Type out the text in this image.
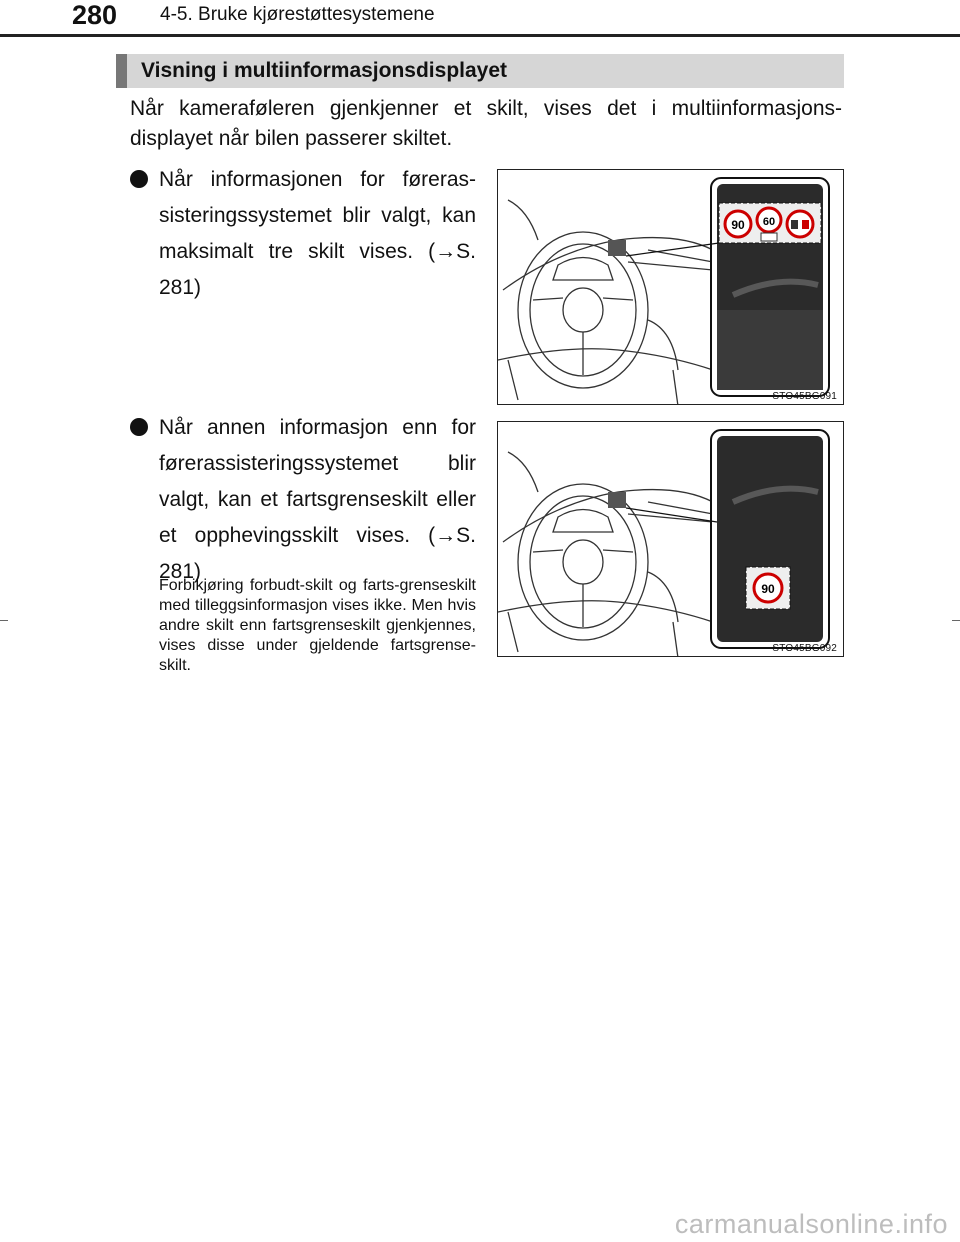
280 4-5. Bruke kjørestøttesystemene
Visning i multiinformasjonsdisplayet
Når kameraføleren gjenkjenner et skilt, vises det i multiinformasjons-displayet når bilen passerer skiltet.
Når informasjonen for føreras-sisteringssystemet blir valgt, kan maksimalt tre skilt vises. (→S. 281)
Når annen informasjon enn for førerassisteringssystemet blir valgt, kan et fartsgrenseskilt eller et opphevingsskilt vises. (→S. 281)
Forbikjøring forbudt-skilt og farts-grenseskilt med tilleggsinformasjon vises ikke. Men hvis andre skilt enn fartsgrenseskilt gjenkjennes, vises disse under gjeldende fartsgrense-skilt.
90 60
STO45BG091
90
STO45BG092
carmanualsonline.info
